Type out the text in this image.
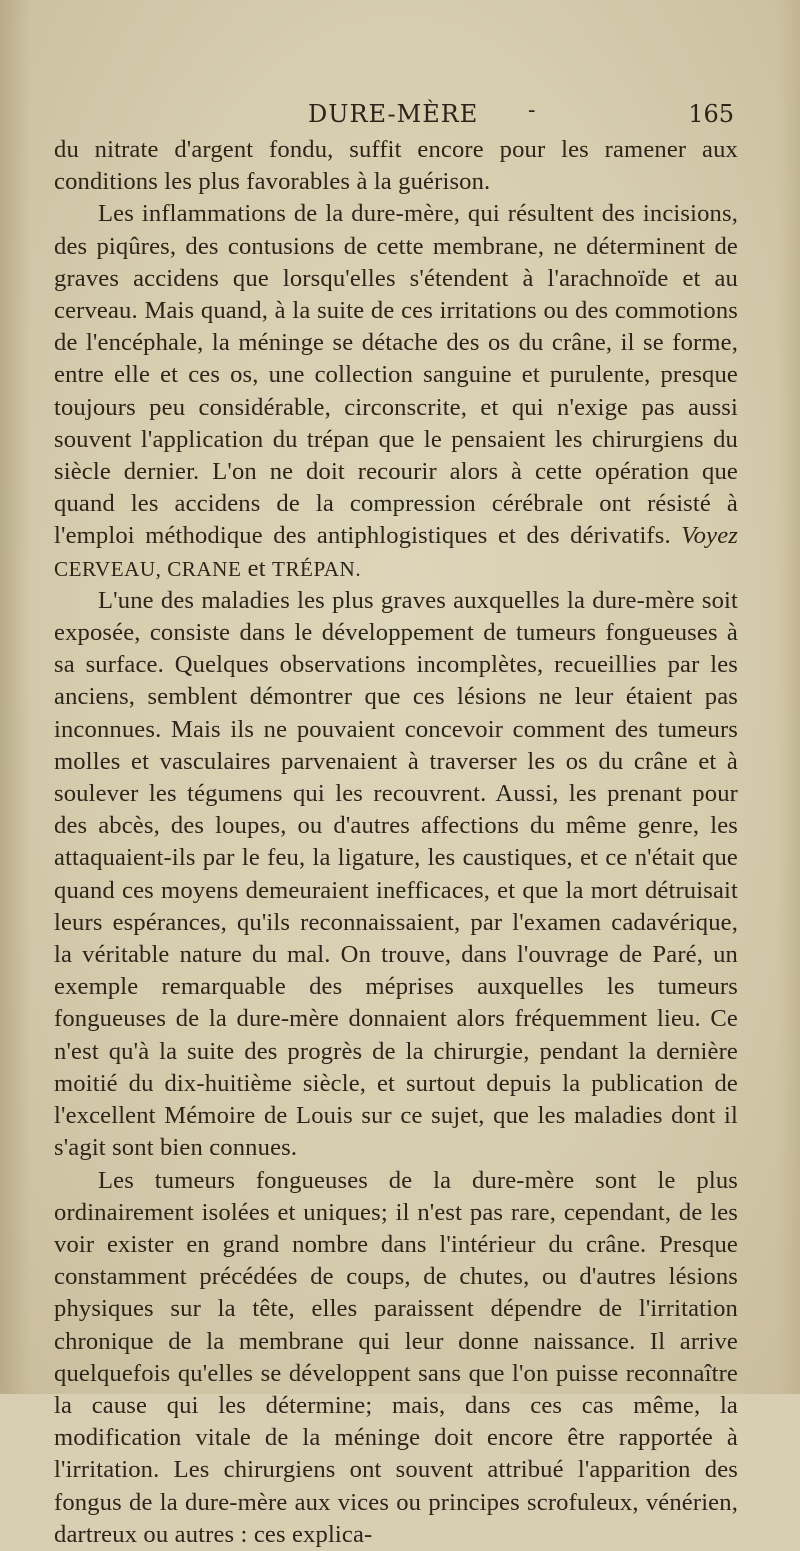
DURE-MÈRE -	165

du nitrate d'argent fondu, suffit encore pour les ramener aux conditions les plus favorables à la guérison.

Les inflammations de la dure-mère, qui résultent des incisions, des piqûres, des contusions de cette membrane, ne déterminent de graves accidens que lorsqu'elles s'étendent à l'arachnoïde et au cerveau. Mais quand, à la suite de ces irritations ou des commotions de l'encéphale, la méninge se détache des os du crâne, il se forme, entre elle et ces os, une collection sanguine et purulente, presque toujours peu considérable, circonscrite, et qui n'exige pas aussi souvent l'application du trépan que le pensaient les chirurgiens du siècle dernier. L'on ne doit recourir alors à cette opération que quand les accidens de la compression cérébrale ont résisté à l'emploi méthodique des antiphlogistiques et des dérivatifs. Voyez CERVEAU, CRANE et TRÉPAN.

L'une des maladies les plus graves auxquelles la dure-mère soit exposée, consiste dans le développement de tumeurs fongueuses à sa surface. Quelques observations incomplètes, recueillies par les anciens, semblent démontrer que ces lésions ne leur étaient pas inconnues. Mais ils ne pouvaient concevoir comment des tumeurs molles et vasculaires parvenaient à traverser les os du crâne et à soulever les tégumens qui les recouvrent. Aussi, les prenant pour des abcès, des loupes, ou d'autres affections du même genre, les attaquaient-ils par le feu, la ligature, les caustiques, et ce n'était que quand ces moyens demeuraient inefficaces, et que la mort détruisait leurs espérances, qu'ils reconnaissaient, par l'examen cadavérique, la véritable nature du mal. On trouve, dans l'ouvrage de Paré, un exemple remarquable des méprises auxquelles les tumeurs fongueuses de la dure-mère donnaient alors fréquemment lieu. Ce n'est qu'à la suite des progrès de la chirurgie, pendant la dernière moitié du dix-huitième siècle, et surtout depuis la publication de l'excellent Mémoire de Louis sur ce sujet, que les maladies dont il s'agit sont bien connues.

Les tumeurs fongueuses de la dure-mère sont le plus ordinairement isolées et uniques; il n'est pas rare, cependant, de les voir exister en grand nombre dans l'intérieur du crâne. Presque constamment précédées de coups, de chutes, ou d'autres lésions physiques sur la tête, elles paraissent dépendre de l'irritation chronique de la membrane qui leur donne naissance. Il arrive quelquefois qu'elles se développent sans que l'on puisse reconnaître la cause qui les détermine; mais, dans ces cas même, la modification vitale de la méninge doit encore être rapportée à l'irritation. Les chirurgiens ont souvent attribué l'apparition des fongus de la dure-mère aux vices ou principes scrofuleux, vénérien, dartreux ou autres : ces explica-
